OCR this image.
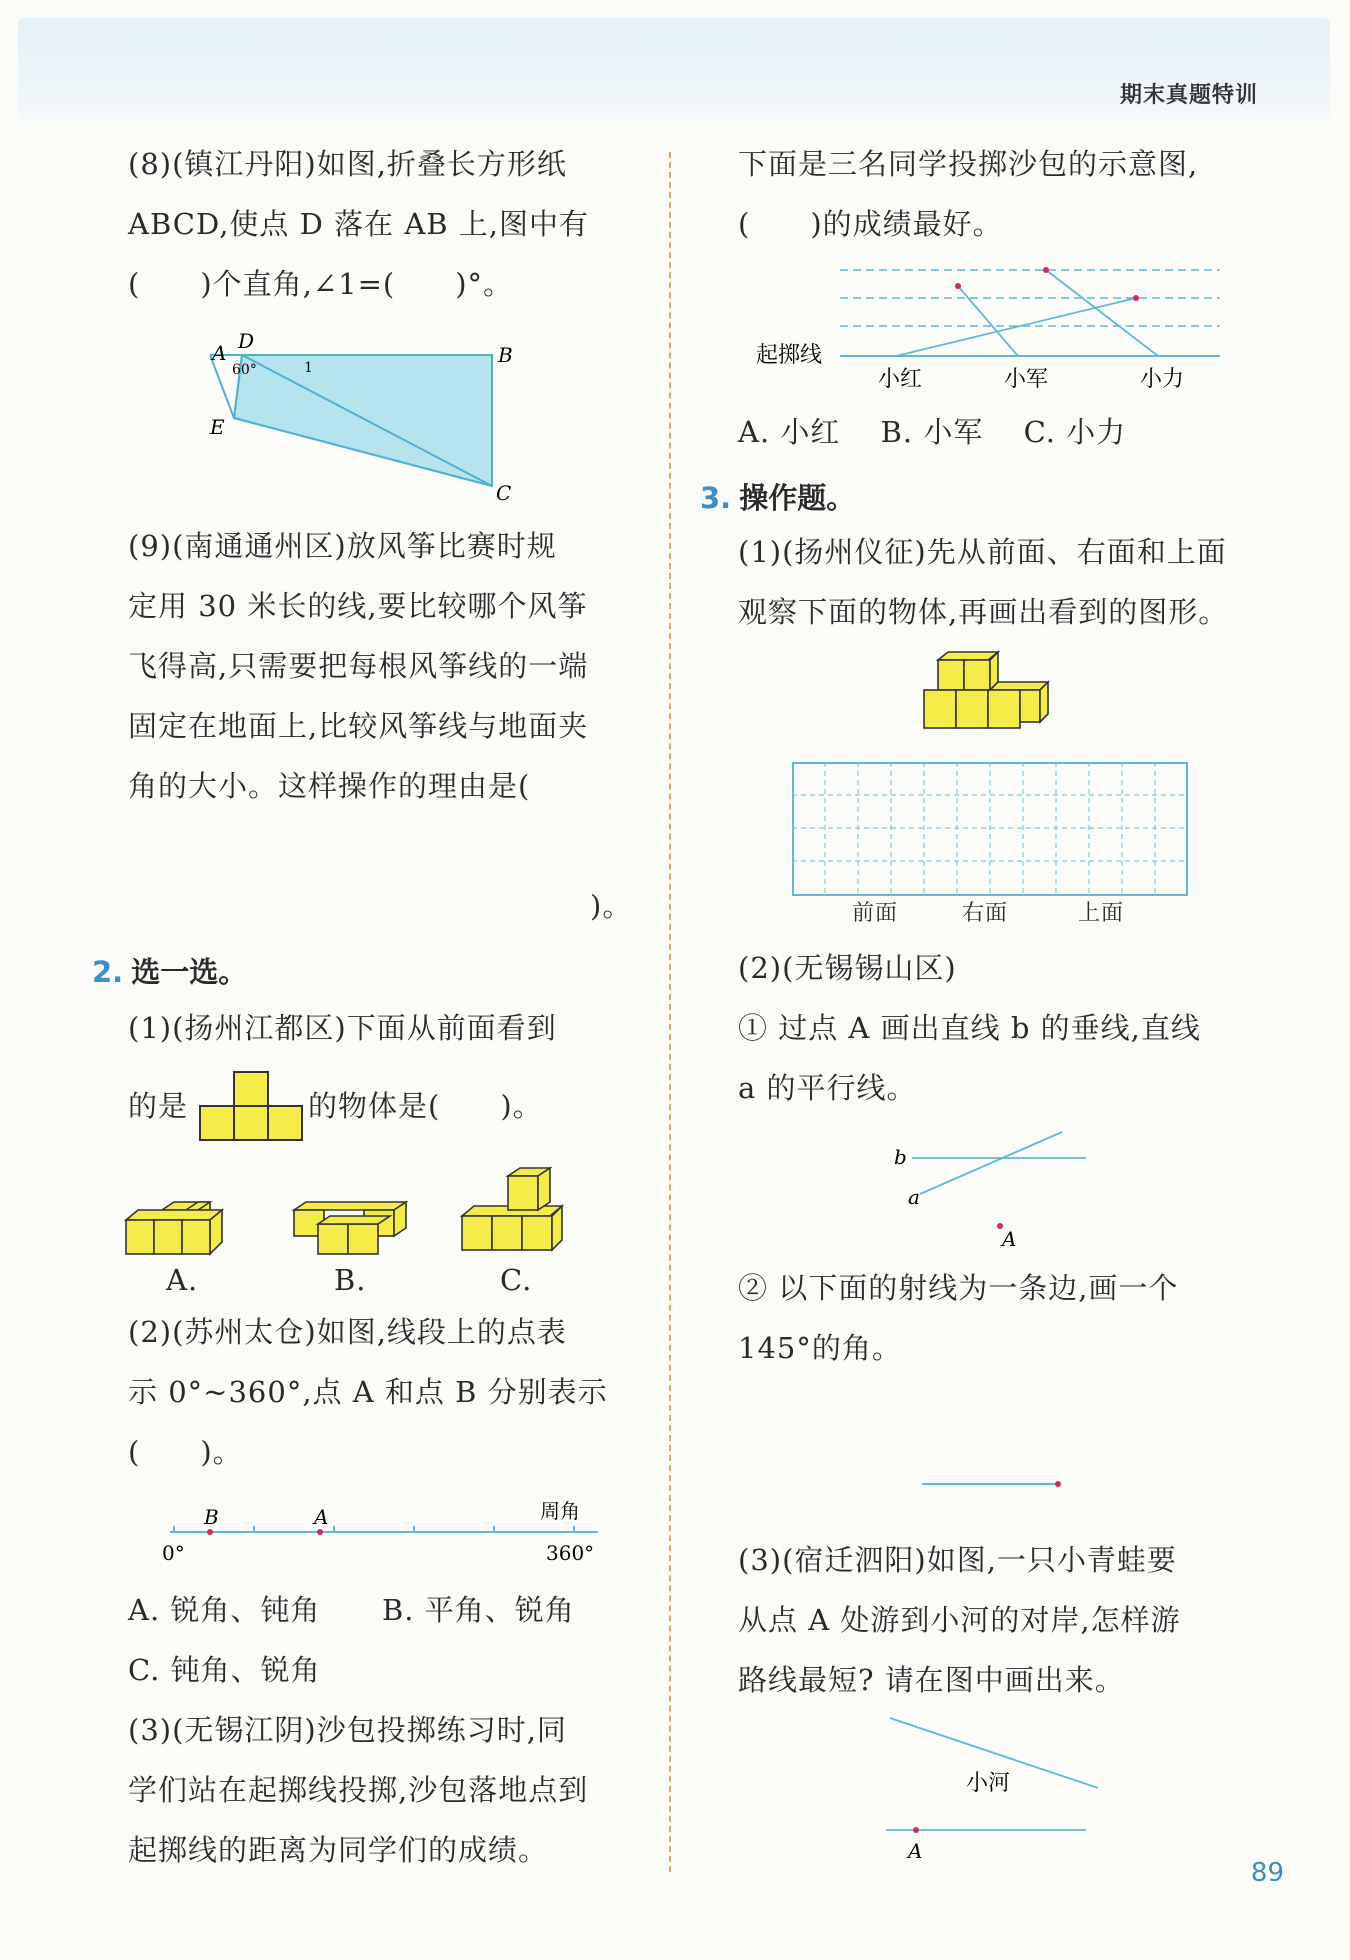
期末真题特训
(8)(镇江丹阳)如图,折叠长方形纸
ABCD,使点 D 落在 AB 上,图中有
(　　)个直角,∠1=(　　)°。
A D
B
E
C
60°	1
(9)(南通通州区)放风筝比赛时规
定用 30 米长的线,要比较哪个风筝
飞得高,只需要把每根风筝线的一端
固定在地面上,比较风筝线与地面夹
角的大小。这样操作的理由是(
)。
2. 选一选。
(1)(扬州江都区)下面从前面看到
的是	的物体是(　　)。
A.	B.	C.
(2)(苏州太仓)如图,线段上的点表
示 0°~360°,点 A 和点 B 分别表示
(　　)。
B	A	周角
0°	360°
A. 锐角、钝角 B. 平角、锐角
C. 钝角、锐角
(3)(无锡江阴)沙包投掷练习时,同
学们站在起掷线投掷,沙包落地点到
起掷线的距离为同学们的成绩。
下面是三名同学投掷沙包的示意图,
(　　)的成绩最好。
起掷线
小红	小军	小力
A. 小红　 B. 小军　 C. 小力
3. 操作题。
(1)(扬州仪征)先从前面、右面和上面
观察下面的物体,再画出看到的图形。
前面	右面	上面
(2)(无锡锡山区)
① 过点 A 画出直线 b 的垂线,直线
a 的平行线。
b
a
A
② 以下面的射线为一条边,画一个
145°的角。
(3)(宿迁泗阳)如图,一只小青蛙要
从点 A 处游到小河的对岸,怎样游
路线最短? 请在图中画出来。
小河
A
89
